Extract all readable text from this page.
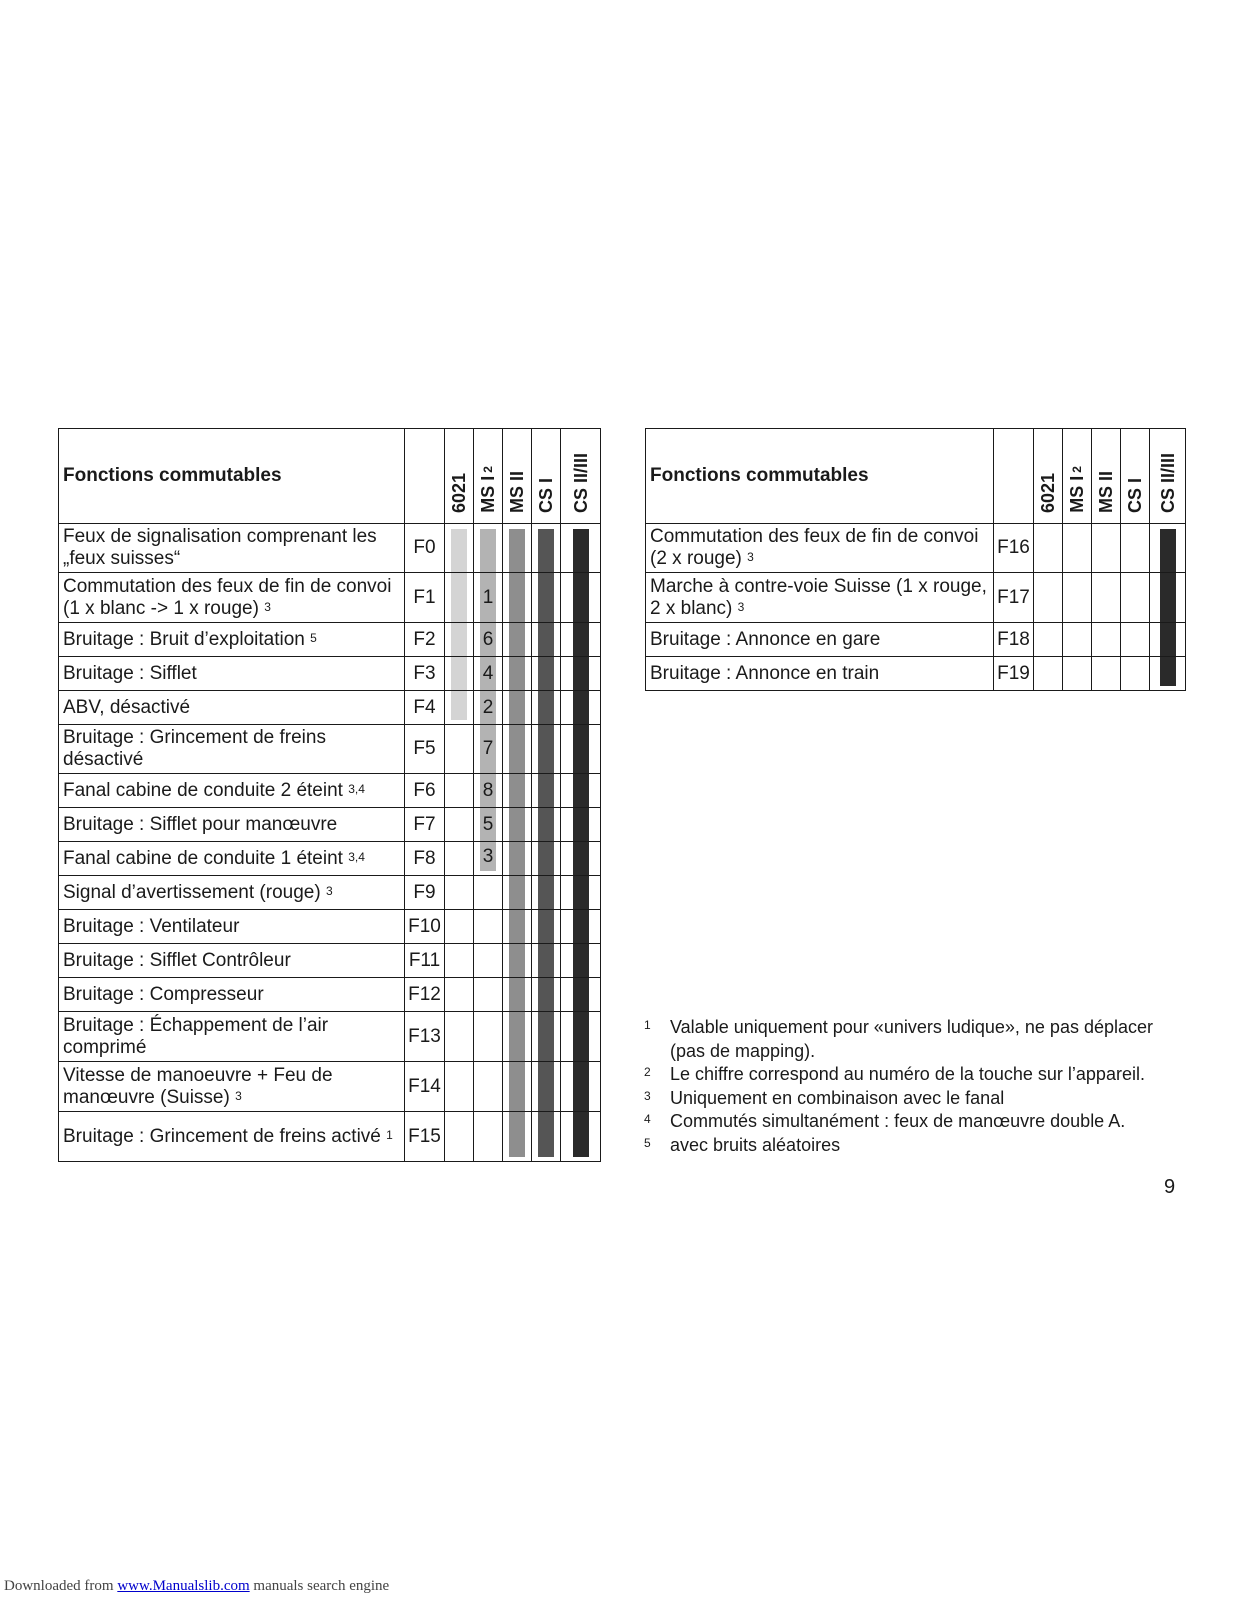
Fonctions commutables		6021	MS I $^2$	MS II	CS I	CS II/III
Feux de signalisation comprenant les „feux suisses“	F0	

Commutation des feux de fin de convoi (1 x blanc -> 1 x rouge) $^3$	F1		1			

Bruitage : Bruit d’exploitation $^5$	F2		6			

Bruitage : Sifflet	F3		4			

ABV, désactivé	F4		2			

Bruitage : Grincement de freins désactivé	F5		7			

Fanal cabine de conduite 2 éteint $^{3,4}$	F6		8			

Bruitage : Sifflet pour manœuvre	F7		5			

Fanal cabine de conduite 1 éteint $^{3,4}$	F8		3			

Signal d’avertissement (rouge) $^3$	F9			

Bruitage : Ventilateur	F10			

Bruitage : Sifflet Contrôleur	F11			

Bruitage : Compresseur	F12			

Bruitage : Échappement de l’air comprimé	F13			

Vitesse de manoeuvre + Feu de manœuvre (Suisse) $^3$	F14			

Bruitage : Grincement de freins activé $^1$	F15			

Fonctions commutables		6021	MS I $^2$	MS II	CS I	CS II/III
Commutation des feux de fin de convoi (2 x rouge) $^3$	F16					

Marche à contre-voie Suisse (1 x rouge, 2 x blanc) $^3$	F17					

Bruitage : Annonce en gare	F18					

Bruitage : Annonce en train	F19					
1	Valable uniquement pour «univers ludique», ne pas déplacer (pas de mapping).
2	Le chiffre correspond au numéro de la touche sur l’appareil.
3	Uniquement en combinaison avec le fanal
4	Commutés simultanément : feux de manœuvre double A.
5	avec bruits aléatoires
9
Downloaded from www.Manualslib.com manuals search engine
